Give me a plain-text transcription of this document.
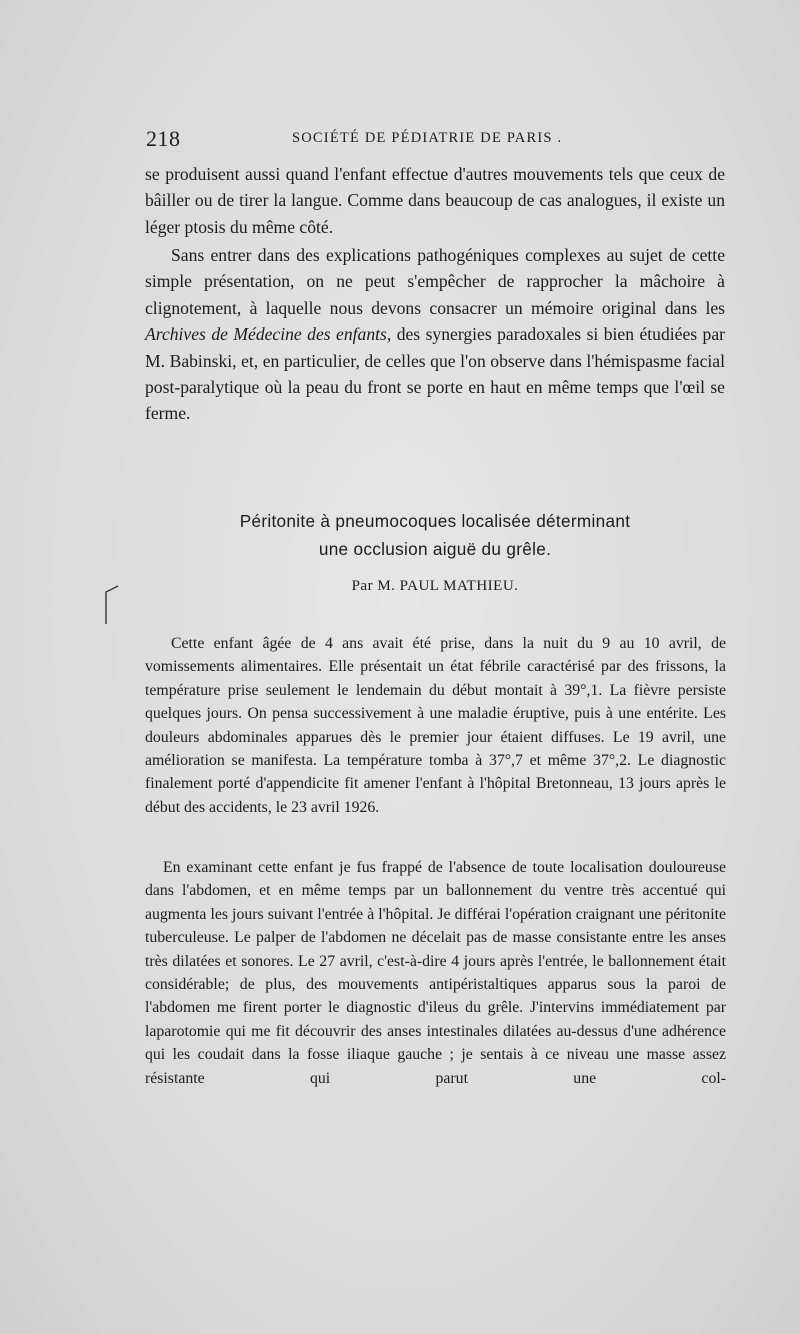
218	SOCIÉTÉ DE PÉDIATRIE DE PARIS .

se produisent aussi quand l'enfant effectue d'autres mouvements tels que ceux de bâiller ou de tirer la langue. Comme dans beaucoup de cas analogues, il existe un léger ptosis du même côté.

Sans entrer dans des explications pathogéniques complexes au sujet de cette simple présentation, on ne peut s'empêcher de rapprocher la mâchoire à clignotement, à laquelle nous devons consacrer un mémoire original dans les Archives de Médecine des enfants, des synergies paradoxales si bien étudiées par M. Babinski, et, en particulier, de celles que l'on observe dans l'hémispasme facial post-paralytique où la peau du front se porte en haut en même temps que l'œil se ferme.

Péritonite à pneumocoques localisée déterminant
une occlusion aiguë du grêle.
Par M. PAUL MATHIEU.

Cette enfant âgée de 4 ans avait été prise, dans la nuit du 9 au 10 avril, de vomissements alimentaires. Elle présentait un état fébrile caractérisé par des frissons, la température prise seulement le lendemain du début montait à 39°,1. La fièvre persiste quelques jours. On pensa successivement à une maladie éruptive, puis à une entérite. Les douleurs abdominales apparues dès le premier jour étaient diffuses. Le 19 avril, une amélioration se manifesta. La température tomba à 37°,7 et même 37°,2. Le diagnostic finalement porté d'appendicite fit amener l'enfant à l'hôpital Bretonneau, 13 jours après le début des accidents, le 23 avril 1926.

En examinant cette enfant je fus frappé de l'absence de toute localisation douloureuse dans l'abdomen, et en même temps par un ballonnement du ventre très accentué qui augmenta les jours suivant l'entrée à l'hôpital. Je différai l'opération craignant une péritonite tuberculeuse. Le palper de l'abdomen ne décelait pas de masse consistante entre les anses très dilatées et sonores. Le 27 avril, c'est-à-dire 4 jours après l'entrée, le ballonnement était considérable; de plus, des mouvements antipéristaltiques apparus sous la paroi de l'abdomen me firent porter le diagnostic d'ileus du grêle. J'intervins immédiatement par laparotomie qui me fit découvrir des anses intestinales dilatées au-dessus d'une adhérence qui les coudait dans la fosse iliaque gauche ; je sentais à ce niveau une masse assez résistante qui parut une col-
